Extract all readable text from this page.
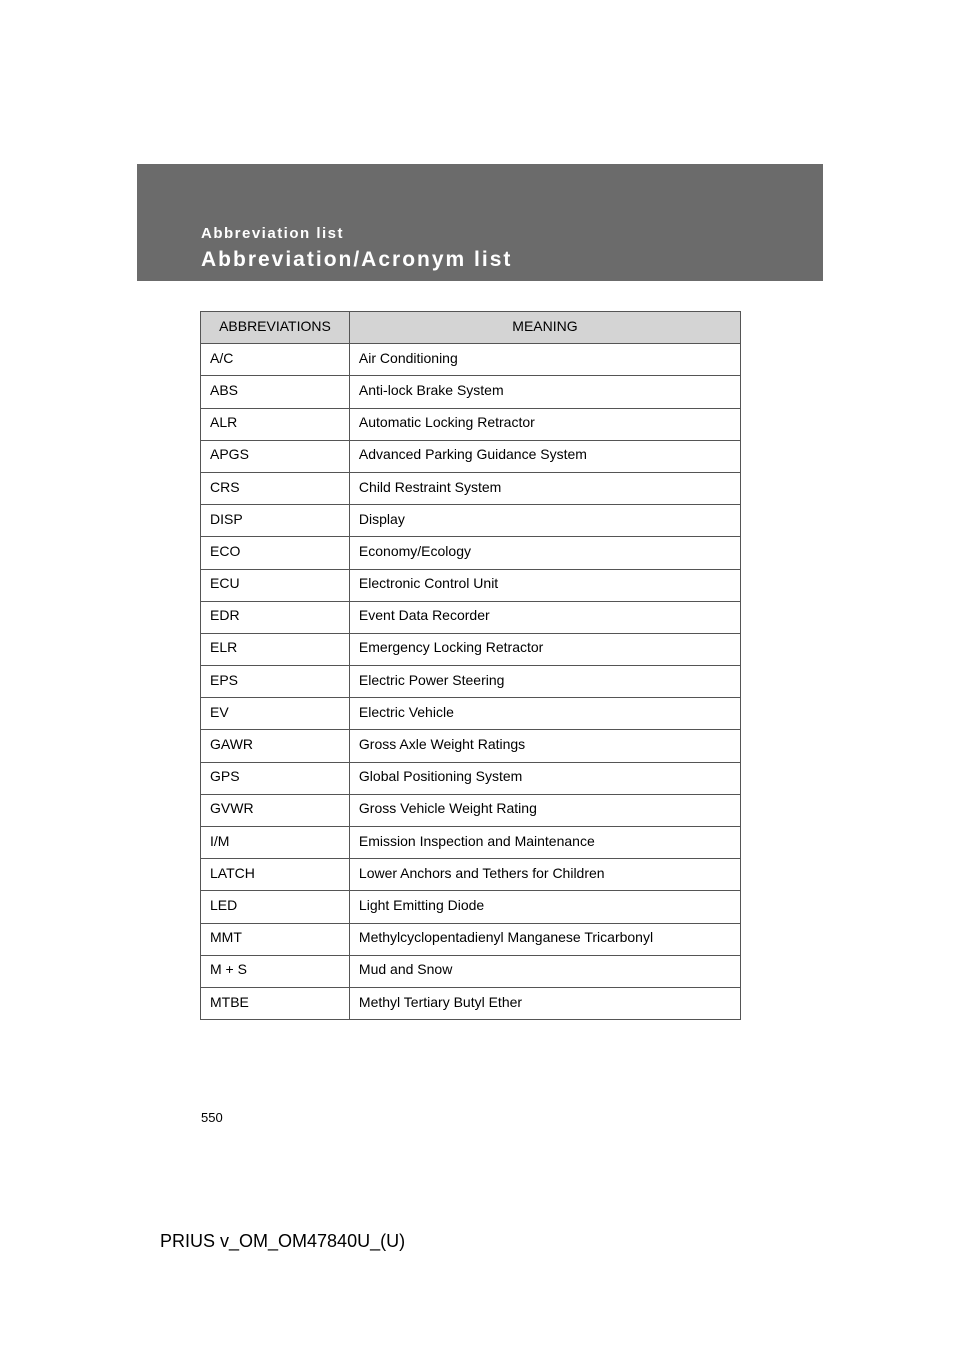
Abbreviation list
Abbreviation/Acronym list
ABBREVIATIONS	MEANING
A/C	Air Conditioning
ABS	Anti-lock Brake System
ALR	Automatic Locking Retractor
APGS	Advanced Parking Guidance System
CRS	Child Restraint System
DISP	Display
ECO	Economy/Ecology
ECU	Electronic Control Unit
EDR	Event Data Recorder
ELR	Emergency Locking Retractor
EPS	Electric Power Steering
EV	Electric Vehicle
GAWR	Gross Axle Weight Ratings
GPS	Global Positioning System
GVWR	Gross Vehicle Weight Rating
I/M	Emission Inspection and Maintenance
LATCH	Lower Anchors and Tethers for Children
LED	Light Emitting Diode
MMT	Methylcyclopentadienyl Manganese Tricarbonyl
M + S	Mud and Snow
MTBE	Methyl Tertiary Butyl Ether
550
PRIUS v_OM_OM47840U_(U)
